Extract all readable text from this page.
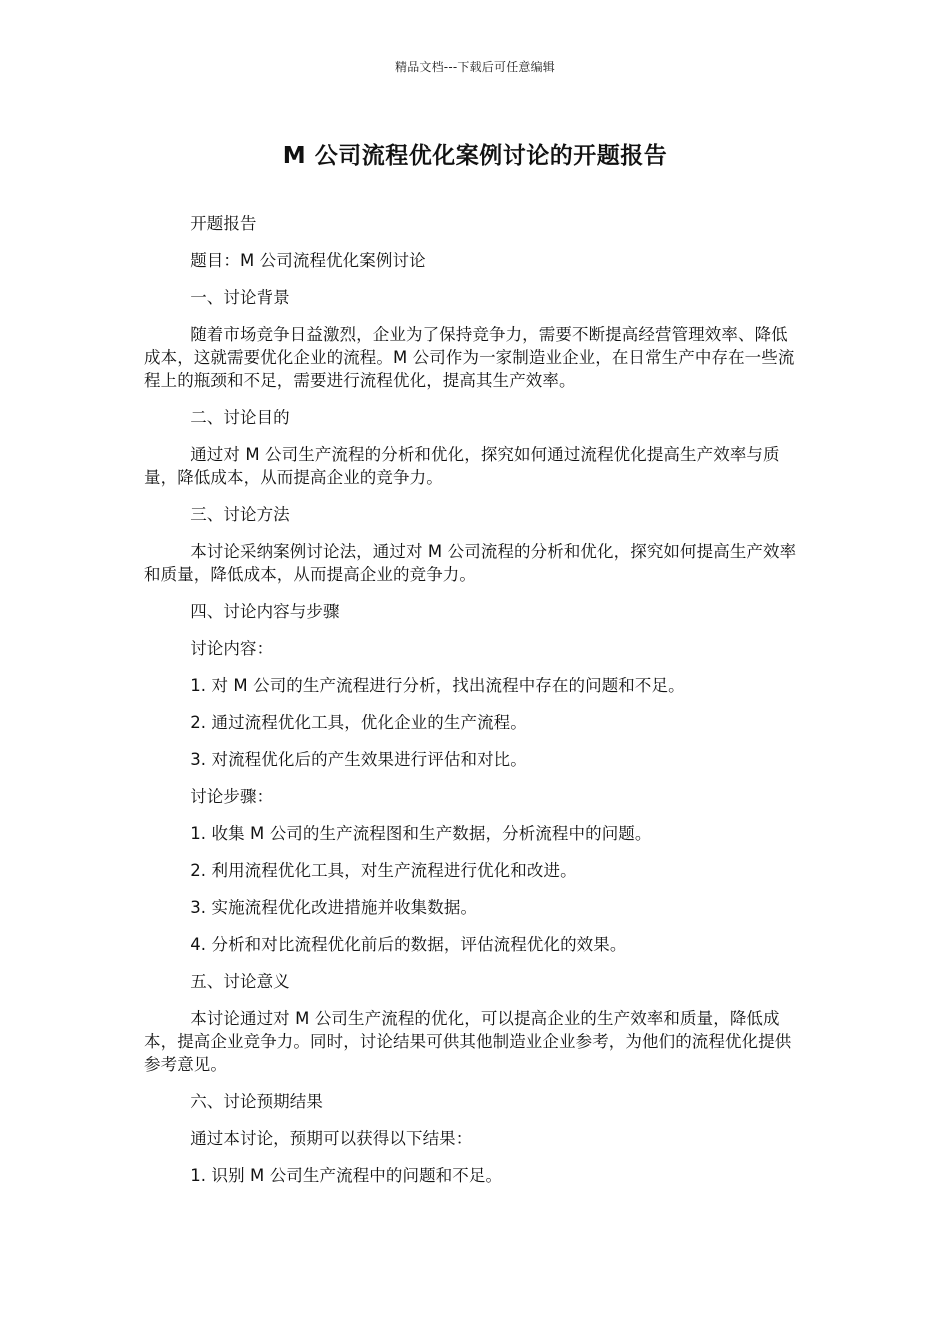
精品文档---下载后可任意编辑
M 公司流程优化案例讨论的开题报告

开题报告

题目：M 公司流程优化案例讨论

一、讨论背景

随着市场竞争日益激烈，企业为了保持竞争力，需要不断提高经营管理效率、降低成本，这就需要优化企业的流程。M 公司作为一家制造业企业，在日常生产中存在一些流程上的瓶颈和不足，需要进行流程优化，提高其生产效率。

二、讨论目的

通过对 M 公司生产流程的分析和优化，探究如何通过流程优化提高生产效率与质量，降低成本，从而提高企业的竞争力。

三、讨论方法

本讨论采纳案例讨论法，通过对 M 公司流程的分析和优化，探究如何提高生产效率和质量，降低成本，从而提高企业的竞争力。

四、讨论内容与步骤

讨论内容：

1. 对 M 公司的生产流程进行分析，找出流程中存在的问题和不足。

2. 通过流程优化工具，优化企业的生产流程。

3. 对流程优化后的产生效果进行评估和对比。

讨论步骤：

1. 收集 M 公司的生产流程图和生产数据，分析流程中的问题。

2. 利用流程优化工具，对生产流程进行优化和改进。

3. 实施流程优化改进措施并收集数据。

4. 分析和对比流程优化前后的数据，评估流程优化的效果。

五、讨论意义

本讨论通过对 M 公司生产流程的优化，可以提高企业的生产效率和质量，降低成本，提高企业竞争力。同时，讨论结果可供其他制造业企业参考，为他们的流程优化提供参考意见。

六、讨论预期结果

通过本讨论，预期可以获得以下结果：

1. 识别 M 公司生产流程中的问题和不足。
